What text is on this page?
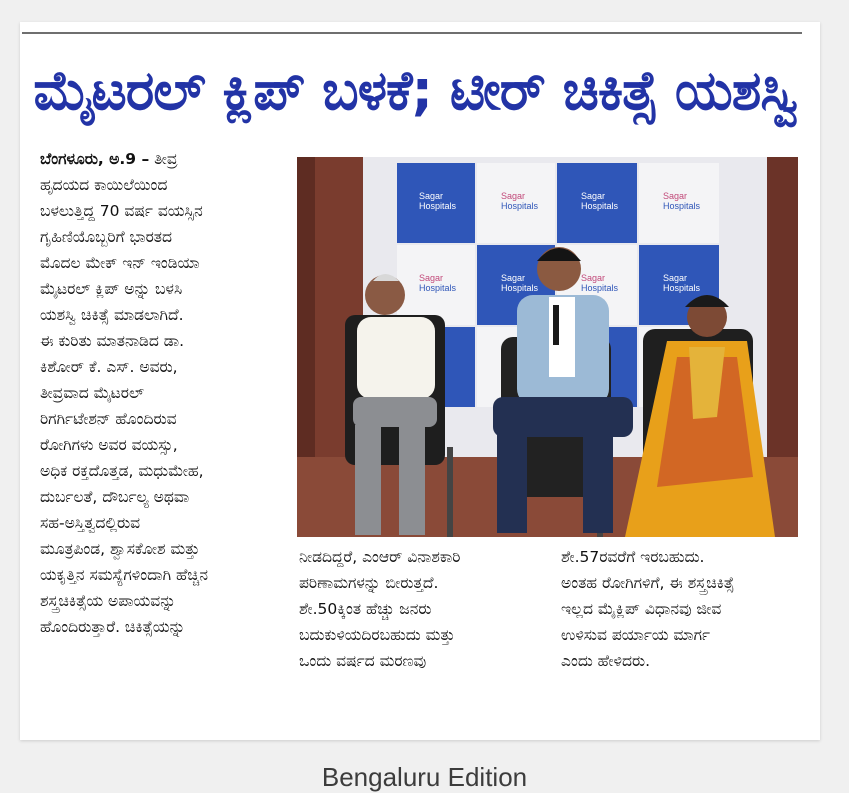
ಮೈಟರಲ್ ಕ್ಲಿಪ್ ಬಳಕೆ; ಟೀರ್ ಚಿಕಿತ್ಸೆ ಯಶಸ್ವಿ

ಬೆಂಗಳೂರು, ಅ.9 – ತೀವ್ರ

ಹೃದಯದ ಕಾಯಿಲೆಯಿಂದ

ಬಳಲುತ್ತಿದ್ದ 70 ವರ್ಷ ವಯಸ್ಸಿನ

ಗೃಹಿಣಿಯೊಬ್ಬರಿಗೆ ಭಾರತದ

ಮೊದಲ ಮೇಕ್ ಇನ್ ಇಂಡಿಯಾ

ಮೈಟರಲ್ ಕ್ಲಿಪ್ ಅನ್ನು ಬಳಸಿ

ಯಶಸ್ವಿ ಚಿಕಿತ್ಸೆ ಮಾಡಲಾಗಿದೆ.

ಈ ಕುರಿತು ಮಾತನಾಡಿದ ಡಾ.

ಕಿಶೋರ್ ಕೆ. ಎಸ್. ಅವರು,

ತೀವ್ರವಾದ ಮೈಟರಲ್

ರಿಗರ್ಗಿಟೇಶನ್ ಹೊಂದಿರುವ

ರೋಗಿಗಳು ಅವರ ವಯಸ್ಸು,

ಅಧಿಕ ರಕ್ತದೊತ್ತಡ, ಮಧುಮೇಹ,

ದುರ್ಬಲತೆ, ದೌರ್ಬಲ್ಯ ಅಥವಾ

ಸಹ-ಅಸ್ತಿತ್ವದಲ್ಲಿರುವ

ಮೂತ್ರಪಿಂಡ, ಶ್ವಾಸಕೋಶ ಮತ್ತು

ಯಕೃತ್ತಿನ ಸಮಸ್ಯೆಗಳಿಂದಾಗಿ ಹೆಚ್ಚಿನ

ಶಸ್ತ್ರಚಿಕಿತ್ಸೆಯ ಅಪಾಯವನ್ನು

ಹೊಂದಿರುತ್ತಾರೆ. ಚಿಕಿತ್ಸೆಯನ್ನು

Sagar
Hospitals
Sagar
Hospitals
Sagar
Hospitals
Sagar
Hospitals
Sagar
Hospitals
Sagar
Hospitals
Sagar
Hospitals
Sagar
Hospitals

ನೀಡದಿದ್ದರೆ, ಎಂಆರ್ ವಿನಾಶಕಾರಿ

ಪರಿಣಾಮಗಳನ್ನು ಬೀರುತ್ತದೆ.

ಶೇ.50ಕ್ಕಿಂತ ಹೆಚ್ಚು ಜನರು

ಬದುಕುಳಿಯದಿರಬಹುದು ಮತ್ತು

ಒಂದು ವರ್ಷದ ಮರಣವು

ಶೇ.57ರವರೆಗೆ ಇರಬಹುದು.

ಅಂತಹ ರೋಗಿಗಳಿಗೆ, ಈ ಶಸ್ತ್ರಚಿಕಿತ್ಸೆ

ಇಲ್ಲದ ಮೈಕ್ಲಿಪ್ ವಿಧಾನವು ಜೀವ

ಉಳಿಸುವ ಪರ್ಯಾಯ ಮಾರ್ಗ

ಎಂದು ಹೇಳಿದರು.

Bengaluru Edition
